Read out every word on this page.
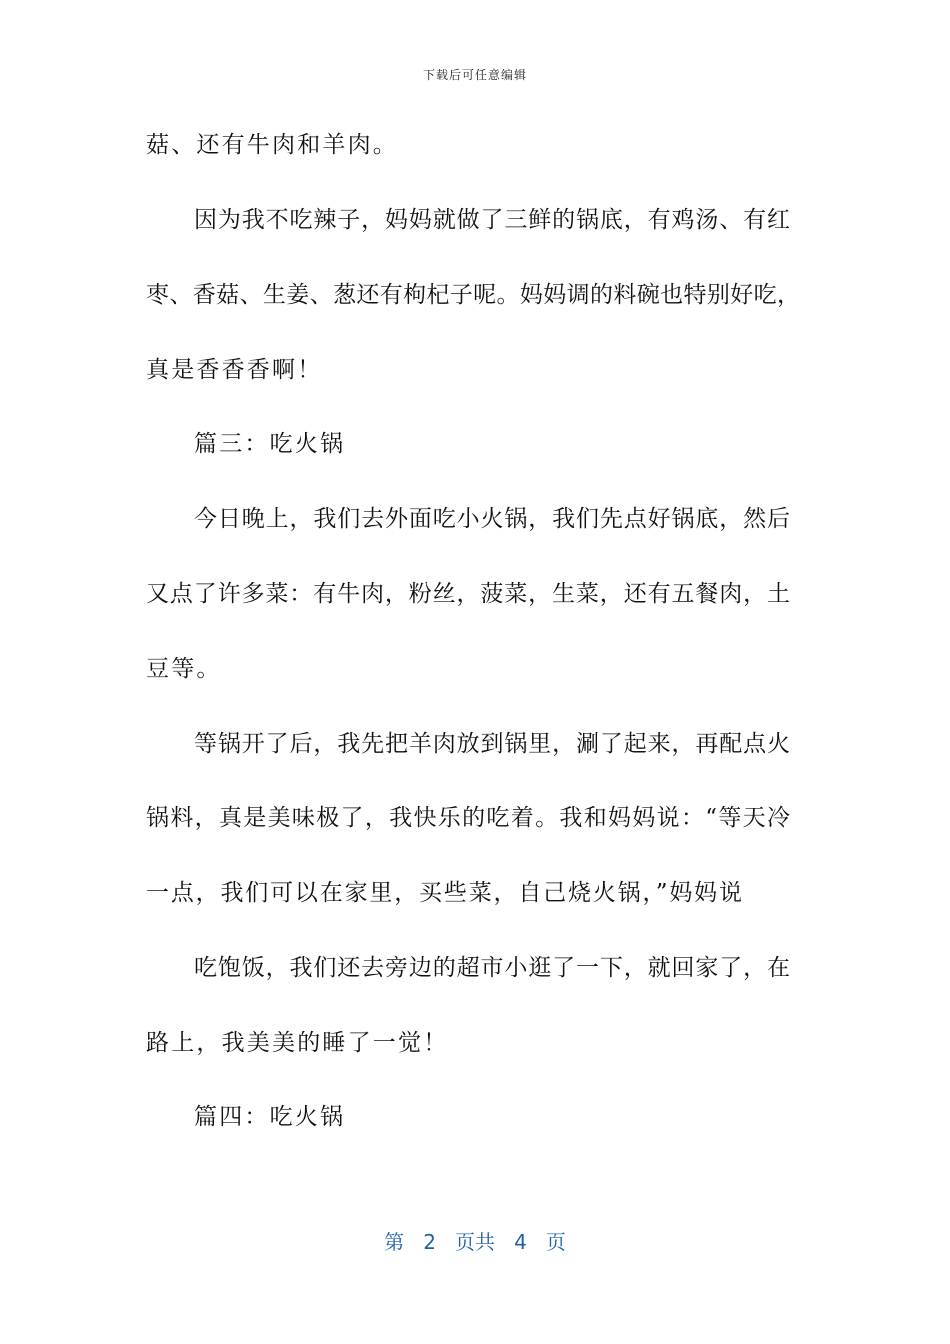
下载后可任意编辑
菇、还有牛肉和羊肉。
因为我不吃辣子，妈妈就做了三鲜的锅底，有鸡汤、有红
枣、香菇、生姜、葱还有枸杞子呢。妈妈调的料碗也特别好吃，
真是香香香啊！
篇三：吃火锅
今日晚上，我们去外面吃小火锅，我们先点好锅底，然后
又点了许多菜：有牛肉，粉丝，菠菜，生菜，还有五餐肉，土
豆等。
等锅开了后，我先把羊肉放到锅里，涮了起来，再配点火
锅料，真是美味极了，我快乐的吃着。我和妈妈说：“等天冷
一点，我们可以在家里，买些菜，自己烧火锅，”妈妈说
吃饱饭，我们还去旁边的超市小逛了一下，就回家了，在
路上，我美美的睡了一觉！
篇四：吃火锅
第 2 页共 4 页
